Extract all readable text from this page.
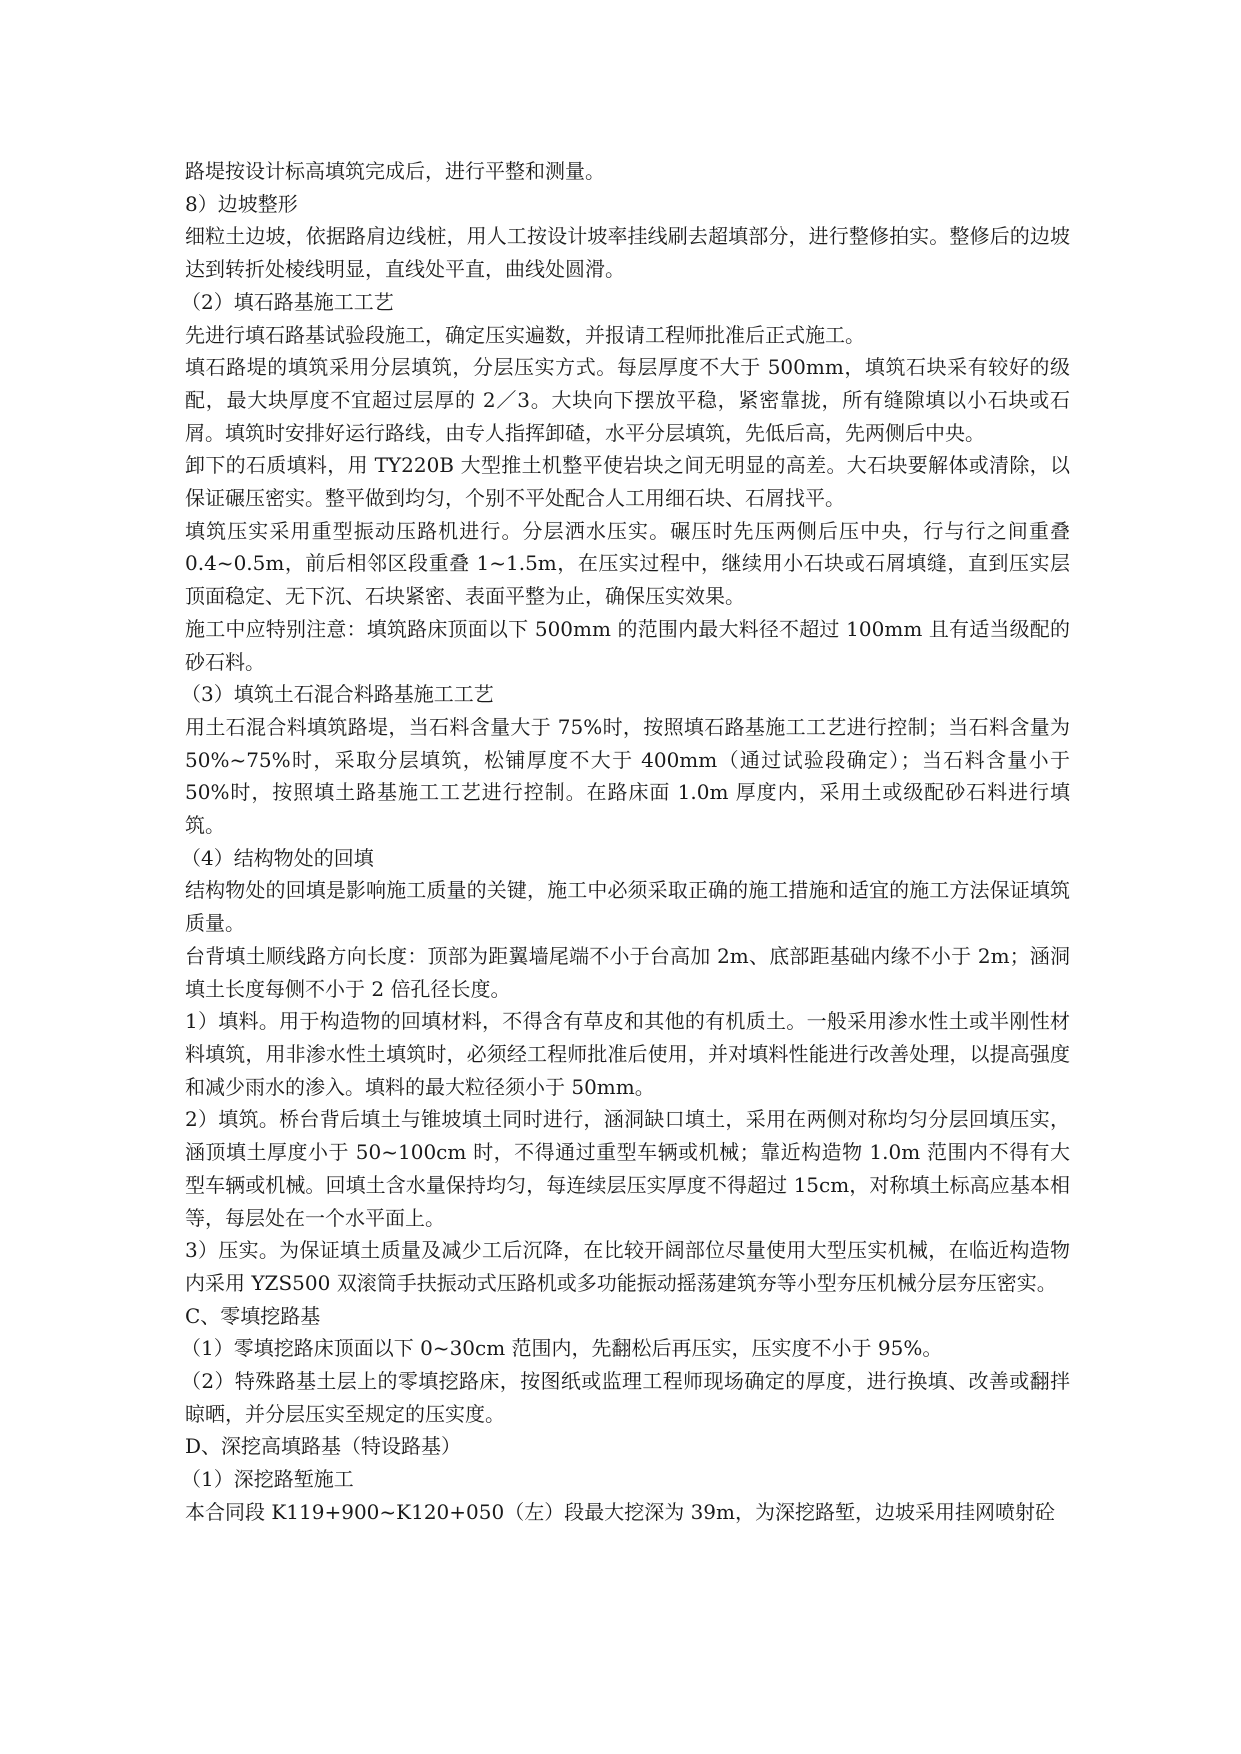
路堤按设计标高填筑完成后，进行平整和测量。

8）边坡整形

细粒土边坡，依据路肩边线桩，用人工按设计坡率挂线刷去超填部分，进行整修拍实。整修后的边坡达到转折处棱线明显，直线处平直，曲线处圆滑。

（2）填石路基施工工艺

先进行填石路基试验段施工，确定压实遍数，并报请工程师批准后正式施工。

填石路堤的填筑采用分层填筑，分层压实方式。每层厚度不大于 500mm，填筑石块采有较好的级配，最大块厚度不宜超过层厚的 2／3。大块向下摆放平稳，紧密靠拢，所有缝隙填以小石块或石屑。填筑时安排好运行路线，由专人指挥卸碴，水平分层填筑，先低后高，先两侧后中央。

卸下的石质填料，用 TY220B 大型推土机整平使岩块之间无明显的高差。大石块要解体或清除，以保证碾压密实。整平做到均匀，个别不平处配合人工用细石块、石屑找平。

填筑压实采用重型振动压路机进行。分层洒水压实。碾压时先压两侧后压中央，行与行之间重叠 0.4~0.5m，前后相邻区段重叠 1~1.5m，在压实过程中，继续用小石块或石屑填缝，直到压实层顶面稳定、无下沉、石块紧密、表面平整为止，确保压实效果。

施工中应特别注意：填筑路床顶面以下 500mm 的范围内最大料径不超过 100mm 且有适当级配的砂石料。

（3）填筑土石混合料路基施工工艺

用土石混合料填筑路堤，当石料含量大于 75%时，按照填石路基施工工艺进行控制；当石料含量为 50%~75%时，采取分层填筑，松铺厚度不大于 400mm（通过试验段确定）；当石料含量小于 50%时，按照填土路基施工工艺进行控制。在路床面 1.0m 厚度内，采用土或级配砂石料进行填筑。

（4）结构物处的回填

结构物处的回填是影响施工质量的关键，施工中必须采取正确的施工措施和适宜的施工方法保证填筑质量。

台背填土顺线路方向长度：顶部为距翼墙尾端不小于台高加 2m、底部距基础内缘不小于 2m；涵洞填土长度每侧不小于 2 倍孔径长度。

1）填料。用于构造物的回填材料，不得含有草皮和其他的有机质土。一般采用渗水性土或半刚性材料填筑，用非渗水性土填筑时，必须经工程师批准后使用，并对填料性能进行改善处理，以提高强度和减少雨水的渗入。填料的最大粒径须小于 50mm。

2）填筑。桥台背后填土与锥坡填土同时进行，涵洞缺口填土，采用在两侧对称均匀分层回填压实，涵顶填土厚度小于 50~100cm 时，不得通过重型车辆或机械；靠近构造物 1.0m 范围内不得有大型车辆或机械。回填土含水量保持均匀，每连续层压实厚度不得超过 15cm，对称填土标高应基本相等，每层处在一个水平面上。

3）压实。为保证填土质量及减少工后沉降，在比较开阔部位尽量使用大型压实机械，在临近构造物内采用 YZS500 双滚筒手扶振动式压路机或多功能振动摇荡建筑夯等小型夯压机械分层夯压密实。

C、零填挖路基

（1）零填挖路床顶面以下 0~30cm 范围内，先翻松后再压实，压实度不小于 95%。

（2）特殊路基土层上的零填挖路床，按图纸或监理工程师现场确定的厚度，进行换填、改善或翻拌晾晒，并分层压实至规定的压实度。

D、深挖高填路基（特设路基）

（1）深挖路堑施工

本合同段 K119+900~K120+050（左）段最大挖深为 39m，为深挖路堑，边坡采用挂网喷射砼
